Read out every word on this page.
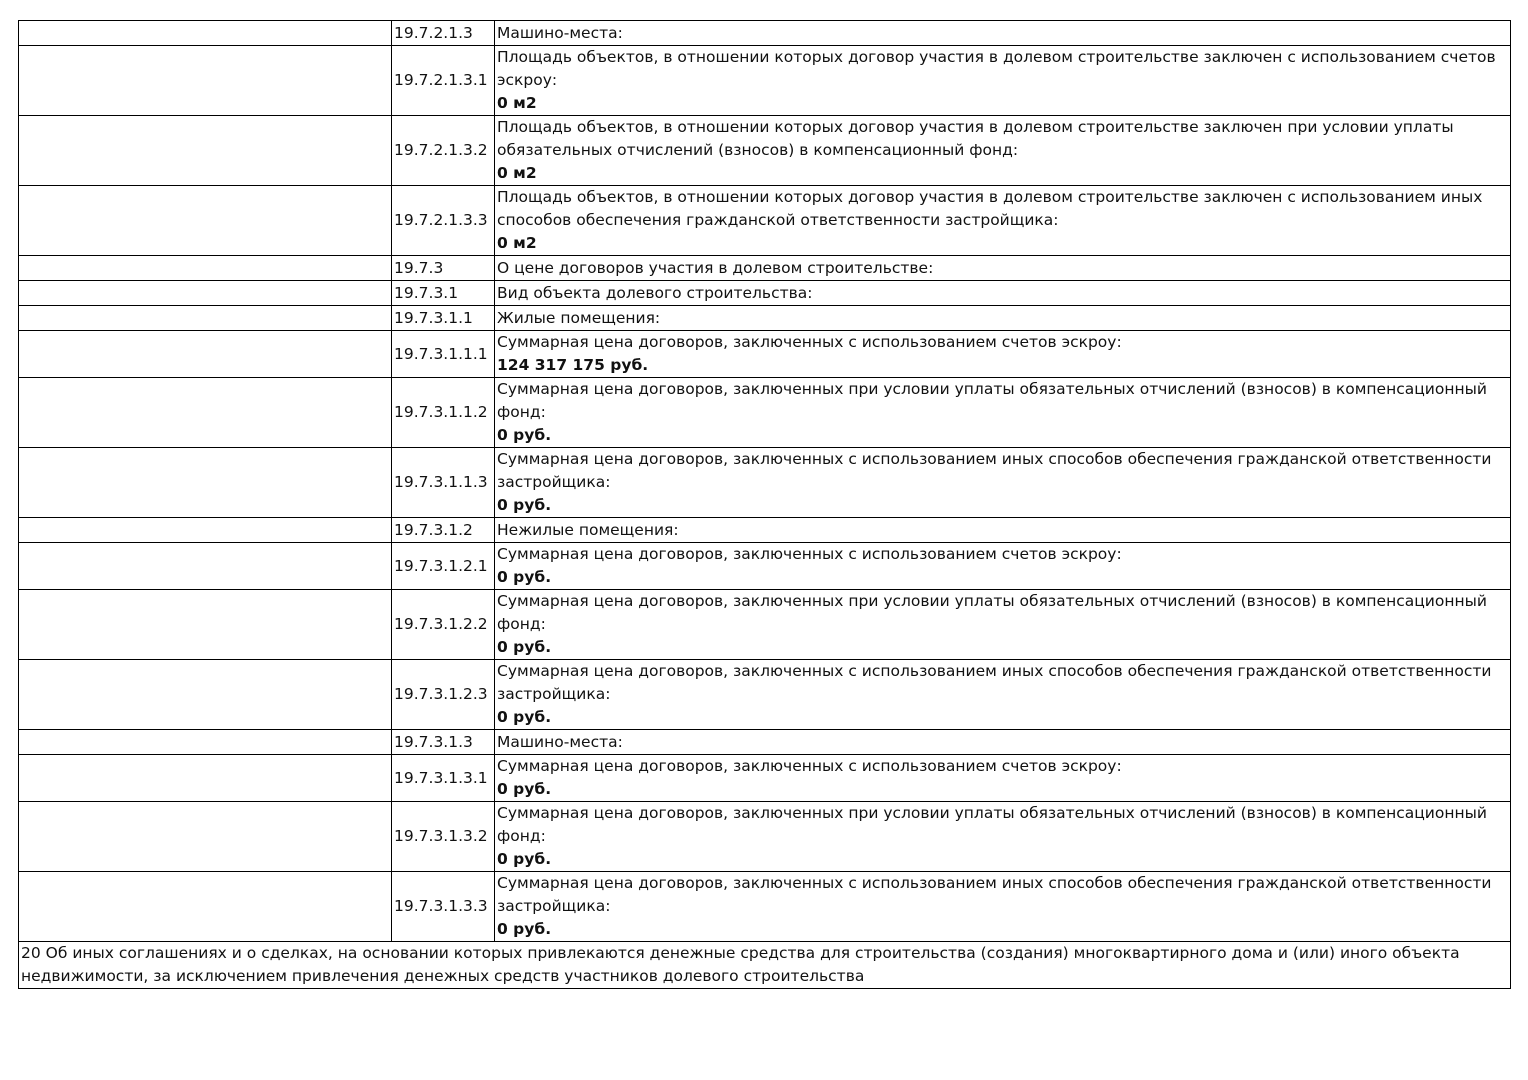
	19.7.2.1.3	Машино-места:

	19.7.2.1.3.1	Площадь объектов, в отношении которых договор участия в долевом строительстве заключен с использованием счетов эскроу:
0 м2

	19.7.2.1.3.2	Площадь объектов, в отношении которых договор участия в долевом строительстве заключен при условии уплаты обязательных отчислений (взносов) в компенсационный фонд:
0 м2

	19.7.2.1.3.3	Площадь объектов, в отношении которых договор участия в долевом строительстве заключен с использованием иных способов обеспечения гражданской ответственности застройщика:
0 м2

	19.7.3	О цене договоров участия в долевом строительстве:

	19.7.3.1	Вид объекта долевого строительства:

	19.7.3.1.1	Жилые помещения:

	19.7.3.1.1.1	Суммарная цена договоров, заключенных с использованием счетов эскроу:
124 317 175 руб.

	19.7.3.1.1.2	Суммарная цена договоров, заключенных при условии уплаты обязательных отчислений (взносов) в компенсационный фонд:
0 руб.

	19.7.3.1.1.3	Суммарная цена договоров, заключенных с использованием иных способов обеспечения гражданской ответственности застройщика:
0 руб.

	19.7.3.1.2	Нежилые помещения:

	19.7.3.1.2.1	Суммарная цена договоров, заключенных с использованием счетов эскроу:
0 руб.

	19.7.3.1.2.2	Суммарная цена договоров, заключенных при условии уплаты обязательных отчислений (взносов) в компенсационный фонд:
0 руб.

	19.7.3.1.2.3	Суммарная цена договоров, заключенных с использованием иных способов обеспечения гражданской ответственности застройщика:
0 руб.

	19.7.3.1.3	Машино-места:

	19.7.3.1.3.1	Суммарная цена договоров, заключенных с использованием счетов эскроу:
0 руб.

	19.7.3.1.3.2	Суммарная цена договоров, заключенных при условии уплаты обязательных отчислений (взносов) в компенсационный фонд:
0 руб.

	19.7.3.1.3.3	Суммарная цена договоров, заключенных с использованием иных способов обеспечения гражданской ответственности застройщика:
0 руб.

20 Об иных соглашениях и о сделках, на основании которых привлекаются денежные средства для строительства (создания) многоквартирного дома и (или) иного объекта недвижимости, за исключением привлечения денежных средств участников долевого строительства		
